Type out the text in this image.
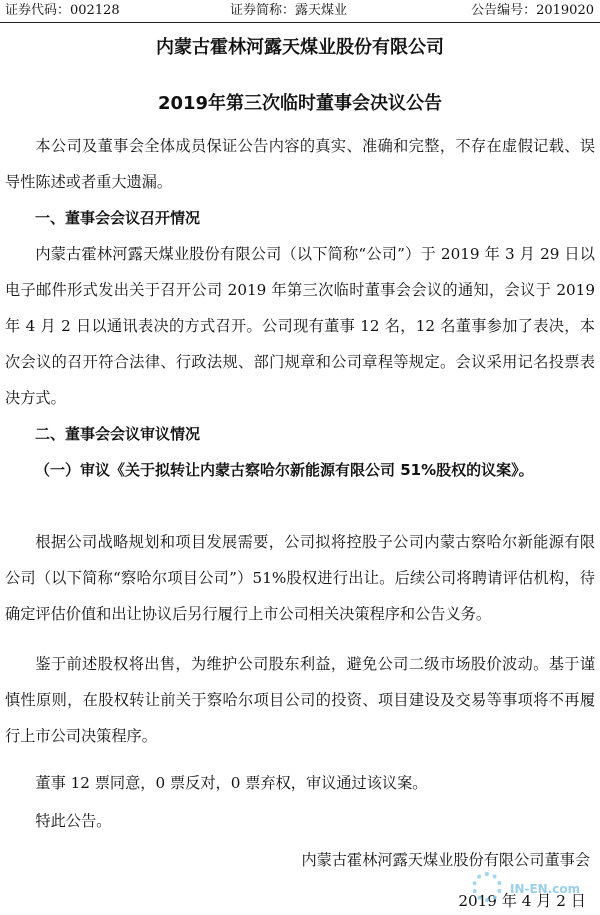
证券代码：002128	证券简称：露天煤业	公告编号：2019020
内蒙古霍林河露天煤业股份有限公司
2019年第三次临时董事会决议公告
本公司及董事会全体成员保证公告内容的真实、准确和完整，不存在虚假记载、误导性陈述或者重大遗漏。
一、董事会会议召开情况
内蒙古霍林河露天煤业股份有限公司（以下简称“公司”）于 2019 年 3 月 29 日以电子邮件形式发出关于召开公司 2019 年第三次临时董事会会议的通知，会议于 2019 年 4 月 2 日以通讯表决的方式召开。公司现有董事 12 名，12 名董事参加了表决，本次会议的召开符合法律、行政法规、部门规章和公司章程等规定。会议采用记名投票表决方式。
二、董事会会议审议情况
（一）审议《关于拟转让内蒙古察哈尔新能源有限公司 51%股权的议案》。
根据公司战略规划和项目发展需要，公司拟将控股子公司内蒙古察哈尔新能源有限公司（以下简称“察哈尔项目公司”）51%股权进行出让。后续公司将聘请评估机构，待确定评估价值和出让协议后另行履行上市公司相关决策程序和公告义务。
鉴于前述股权将出售，为维护公司股东利益，避免公司二级市场股价波动。基于谨慎性原则，在股权转让前关于察哈尔项目公司的投资、项目建设及交易等事项将不再履行上市公司决策程序。
董事 12 票同意，0 票反对，0 票弃权，审议通过该议案。
特此公告。
内蒙古霍林河露天煤业股份有限公司董事会
2019 年 4 月 2 日
IN-EN.com
